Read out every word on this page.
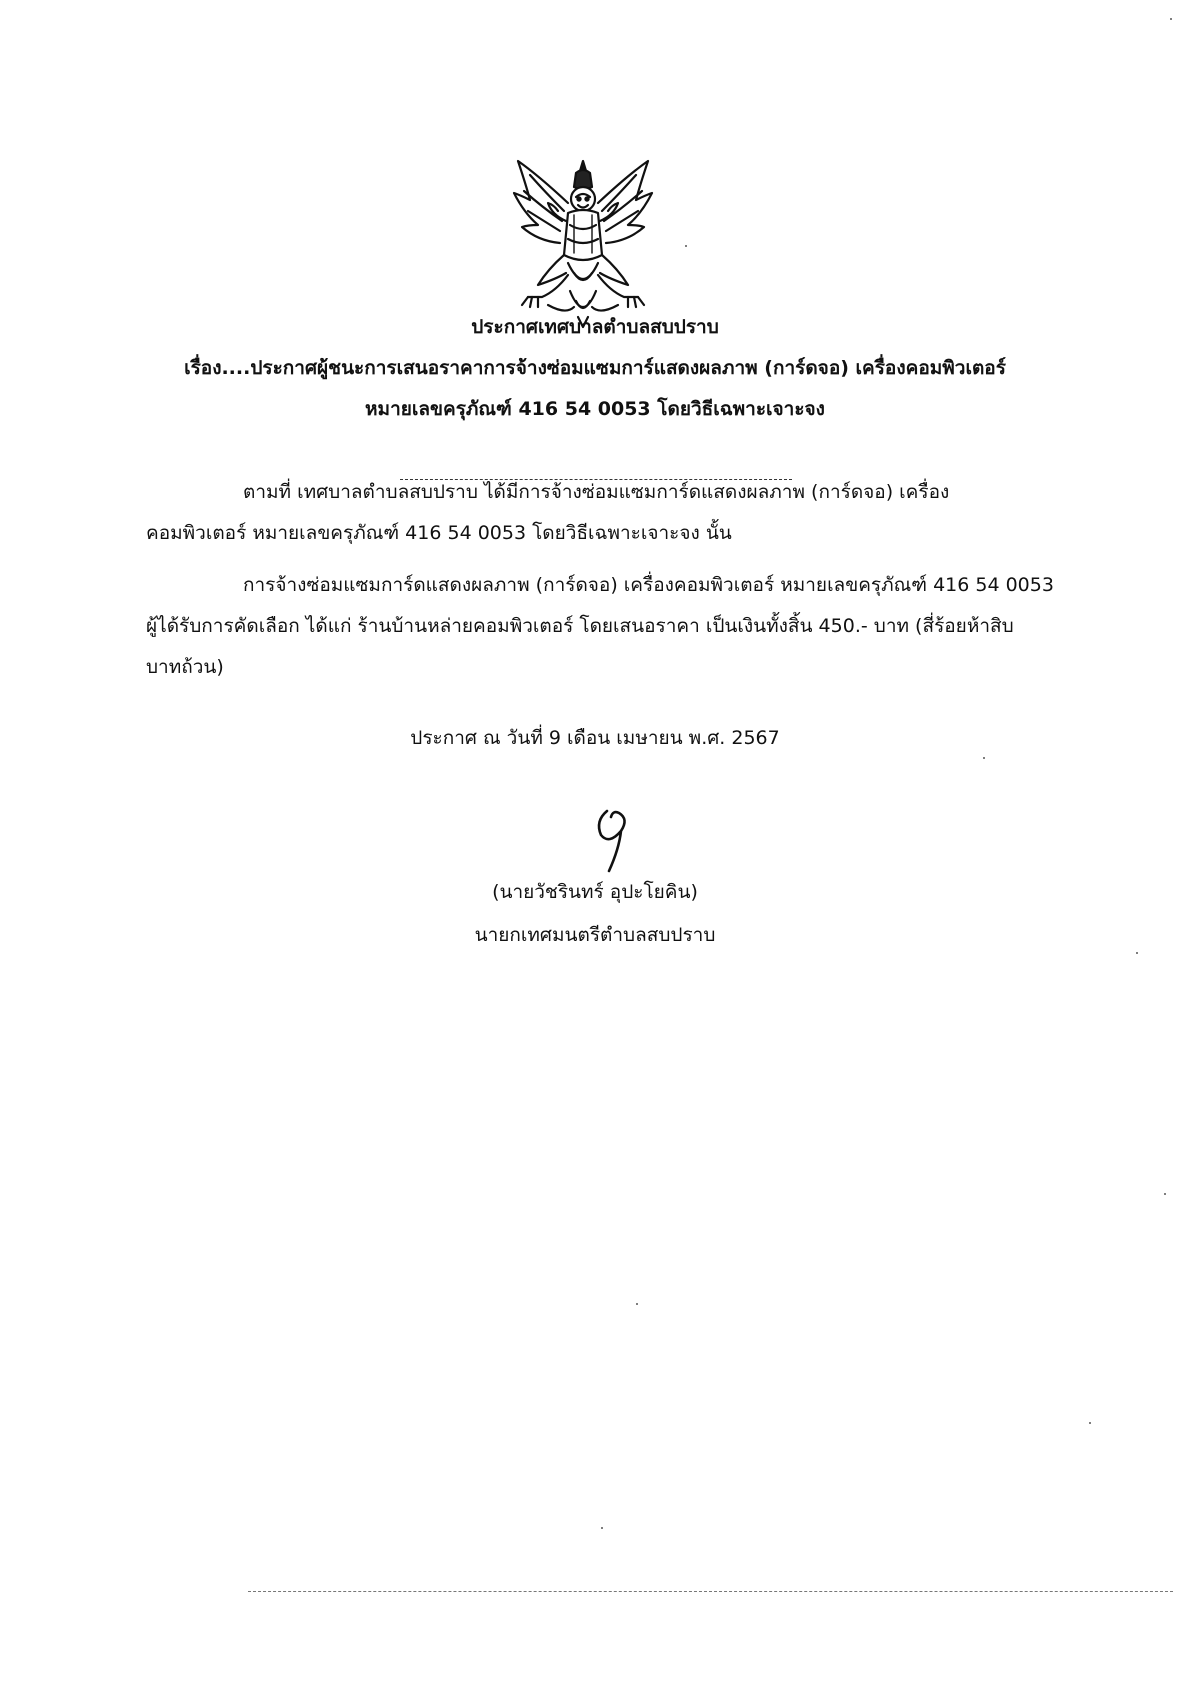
ประกาศเทศบาลตำบลสบปราบ
เรื่อง....ประกาศผู้ชนะการเสนอราคาการจ้างซ่อมแซมการ์แสดงผลภาพ (การ์ดจอ) เครื่องคอมพิวเตอร์
หมายเลขครุภัณฑ์ 416 54 0053 โดยวิธีเฉพาะเจาะจง
ตามที่ เทศบาลตำบลสบปราบ ได้มีการจ้างซ่อมแซมการ์ดแสดงผลภาพ (การ์ดจอ) เครื่อง
คอมพิวเตอร์ หมายเลขครุภัณฑ์ 416 54 0053 โดยวิธีเฉพาะเจาะจง นั้น
การจ้างซ่อมแซมการ์ดแสดงผลภาพ (การ์ดจอ) เครื่องคอมพิวเตอร์ หมายเลขครุภัณฑ์ 416 54 0053
ผู้ได้รับการคัดเลือก ได้แก่ ร้านบ้านหล่ายคอมพิวเตอร์ โดยเสนอราคา เป็นเงินทั้งสิ้น 450.- บาท (สี่ร้อยห้าสิบ
บาทถ้วน)
ประกาศ ณ วันที่ 9 เดือน เมษายน พ.ศ. 2567
(นายวัชรินทร์ อุปะโยคิน)
นายกเทศมนตรีตำบลสบปราบ
